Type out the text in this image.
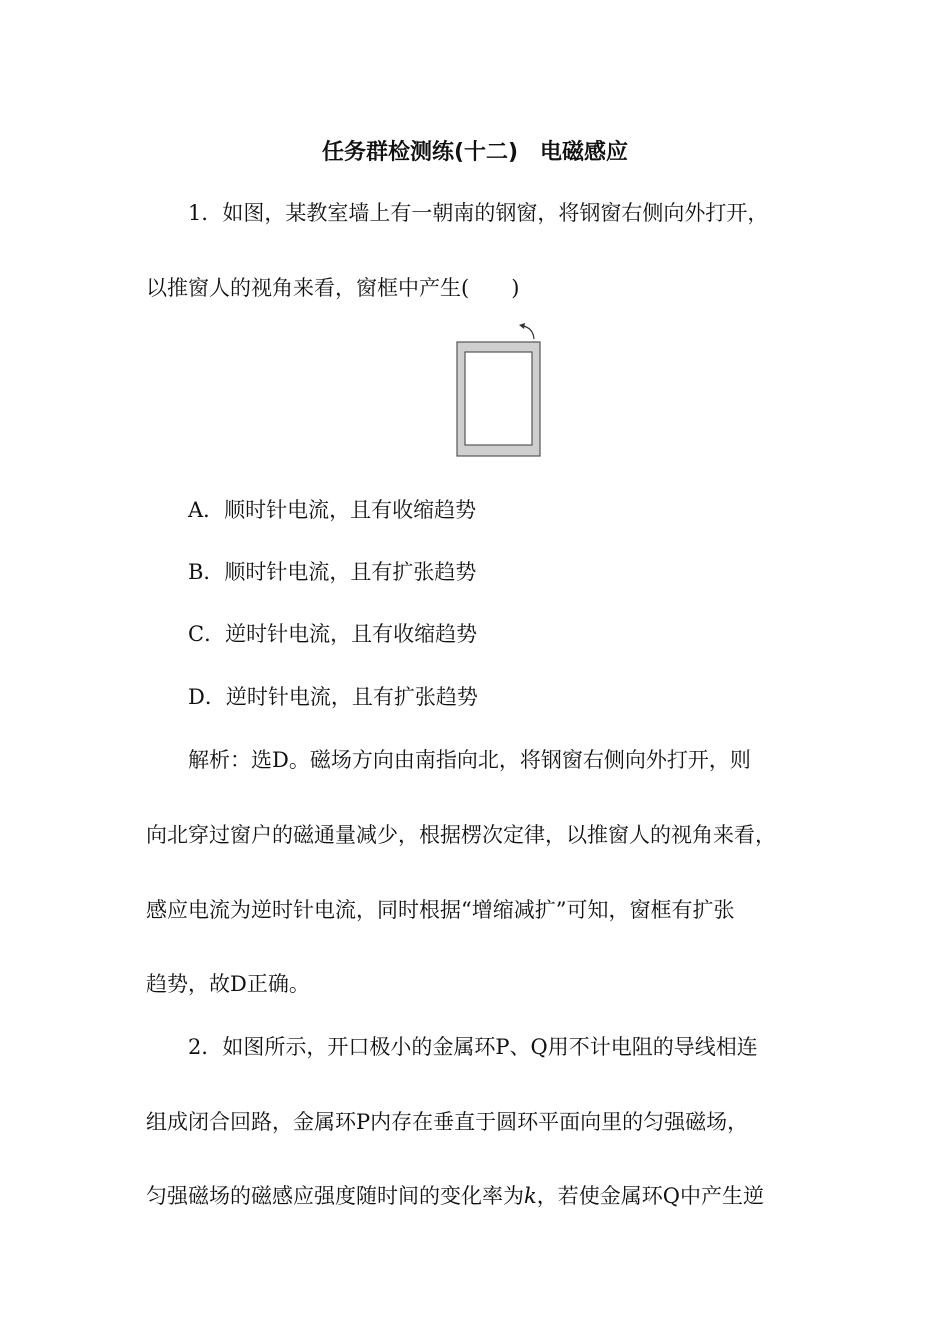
任务群检测练(十二)　电磁感应
1．如图，某教室墙上有一朝南的钢窗，将钢窗右侧向外打开，
以推窗人的视角来看，窗框中产生(　　)
A．顺时针电流，且有收缩趋势
B．顺时针电流，且有扩张趋势
C．逆时针电流，且有收缩趋势
D．逆时针电流，且有扩张趋势
解析：选D。磁场方向由南指向北，将钢窗右侧向外打开，则
向北穿过窗户的磁通量减少，根据楞次定律，以推窗人的视角来看，
感应电流为逆时针电流，同时根据“增缩减扩”可知，窗框有扩张
趋势，故D正确。
2．如图所示，开口极小的金属环P、Q用不计电阻的导线相连
组成闭合回路，金属环P内存在垂直于圆环平面向里的匀强磁场，
匀强磁场的磁感应强度随时间的变化率为k，若使金属环Q中产生逆
